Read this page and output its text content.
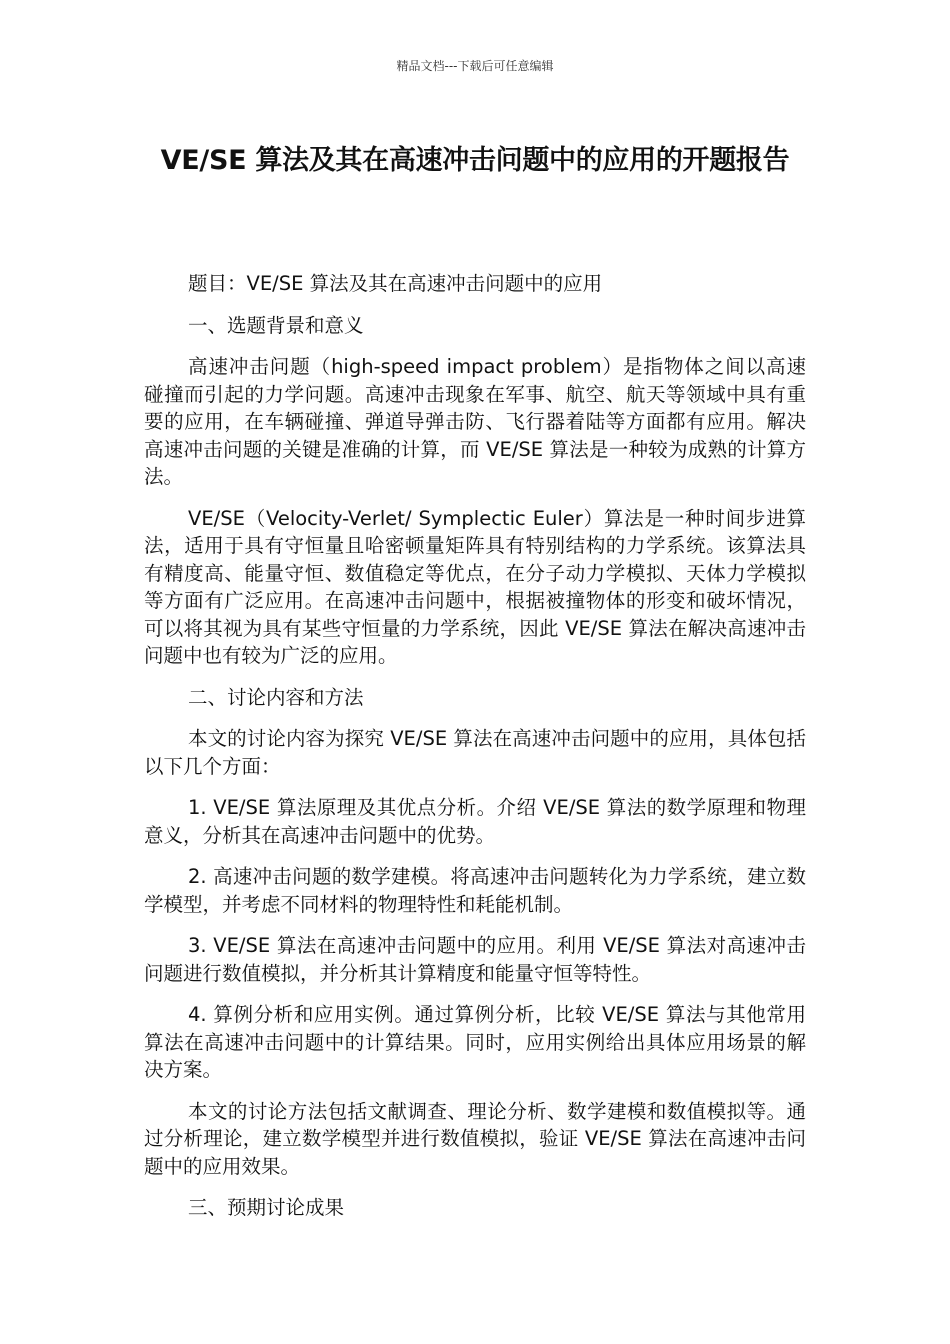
精品文档---下载后可任意编辑
VE/SE 算法及其在高速冲击问题中的应用的开题报告

题目：VE/SE 算法及其在高速冲击问题中的应用

一、选题背景和意义

高速冲击问题（high-speed impact problem）是指物体之间以高速碰撞而引起的力学问题。高速冲击现象在军事、航空、航天等领域中具有重要的应用，在车辆碰撞、弹道导弹击防、飞行器着陆等方面都有应用。解决高速冲击问题的关键是准确的计算，而 VE/SE 算法是一种较为成熟的计算方法。

VE/SE（Velocity-Verlet/ Symplectic Euler）算法是一种时间步进算法，适用于具有守恒量且哈密顿量矩阵具有特别结构的力学系统。该算法具有精度高、能量守恒、数值稳定等优点，在分子动力学模拟、天体力学模拟等方面有广泛应用。在高速冲击问题中，根据被撞物体的形变和破坏情况，可以将其视为具有某些守恒量的力学系统，因此 VE/SE 算法在解决高速冲击问题中也有较为广泛的应用。

二、讨论内容和方法

本文的讨论内容为探究 VE/SE 算法在高速冲击问题中的应用，具体包括以下几个方面：

1. VE/SE 算法原理及其优点分析。介绍 VE/SE 算法的数学原理和物理意义，分析其在高速冲击问题中的优势。

2. 高速冲击问题的数学建模。将高速冲击问题转化为力学系统，建立数学模型，并考虑不同材料的物理特性和耗能机制。

3. VE/SE 算法在高速冲击问题中的应用。利用 VE/SE 算法对高速冲击问题进行数值模拟，并分析其计算精度和能量守恒等特性。

4. 算例分析和应用实例。通过算例分析，比较 VE/SE 算法与其他常用算法在高速冲击问题中的计算结果。同时，应用实例给出具体应用场景的解决方案。

本文的讨论方法包括文献调查、理论分析、数学建模和数值模拟等。通过分析理论，建立数学模型并进行数值模拟，验证 VE/SE 算法在高速冲击问题中的应用效果。

三、预期讨论成果
